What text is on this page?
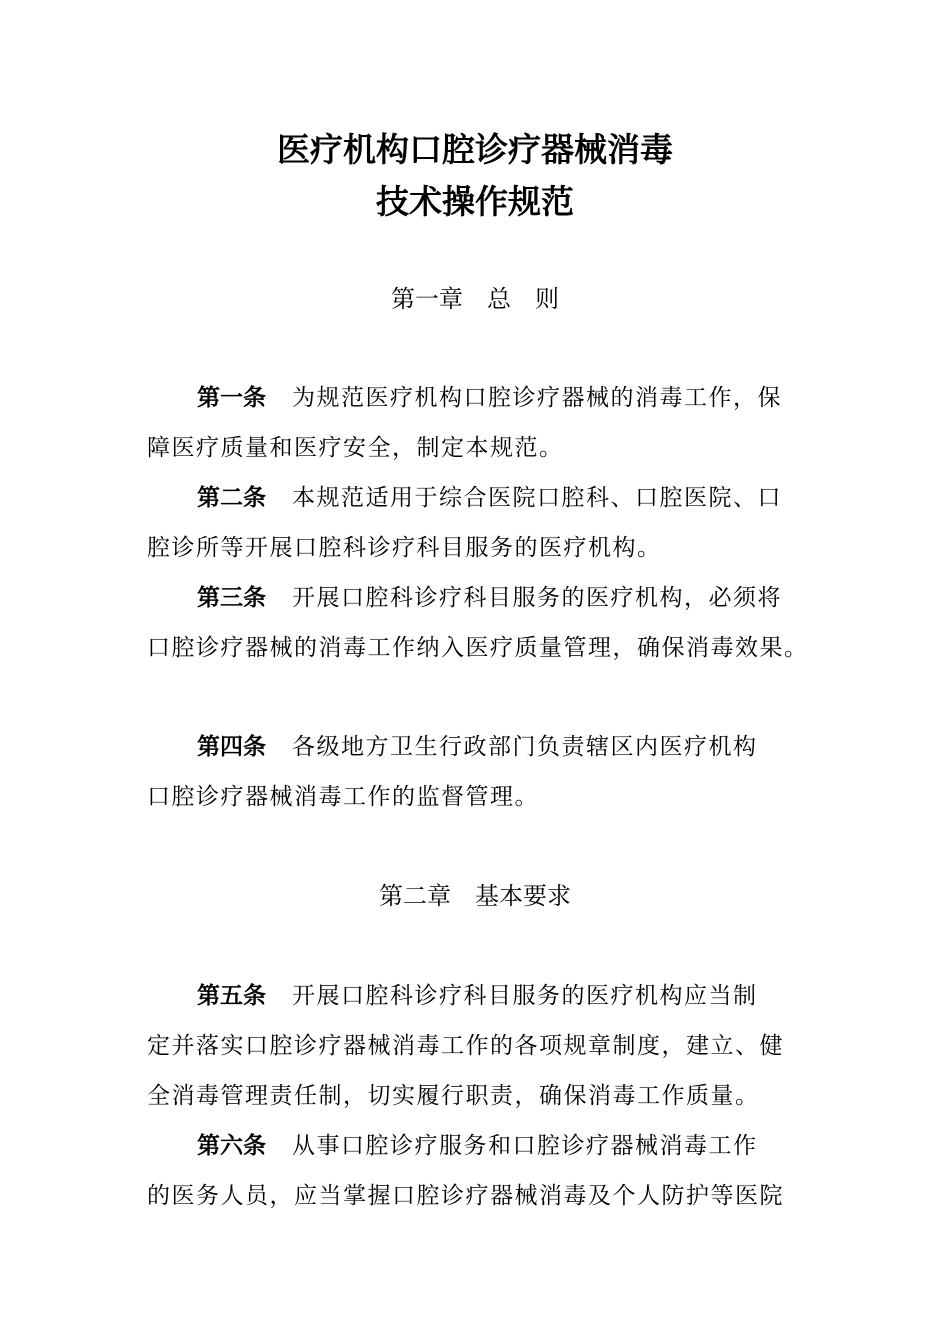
医疗机构口腔诊疗器械消毒
技术操作规范
第一章　总　则
第一条 为规范医疗机构口腔诊疗器械的消毒工作，保
障医疗质量和医疗安全，制定本规范。
第二条 本规范适用于综合医院口腔科、口腔医院、口
腔诊所等开展口腔科诊疗科目服务的医疗机构。
第三条 开展口腔科诊疗科目服务的医疗机构，必须将
口腔诊疗器械的消毒工作纳入医疗质量管理，确保消毒效果。
第四条 各级地方卫生行政部门负责辖区内医疗机构
口腔诊疗器械消毒工作的监督管理。
第二章　基本要求
第五条 开展口腔科诊疗科目服务的医疗机构应当制
定并落实口腔诊疗器械消毒工作的各项规章制度，建立、健
全消毒管理责任制，切实履行职责，确保消毒工作质量。
第六条 从事口腔诊疗服务和口腔诊疗器械消毒工作
的医务人员，应当掌握口腔诊疗器械消毒及个人防护等医院
